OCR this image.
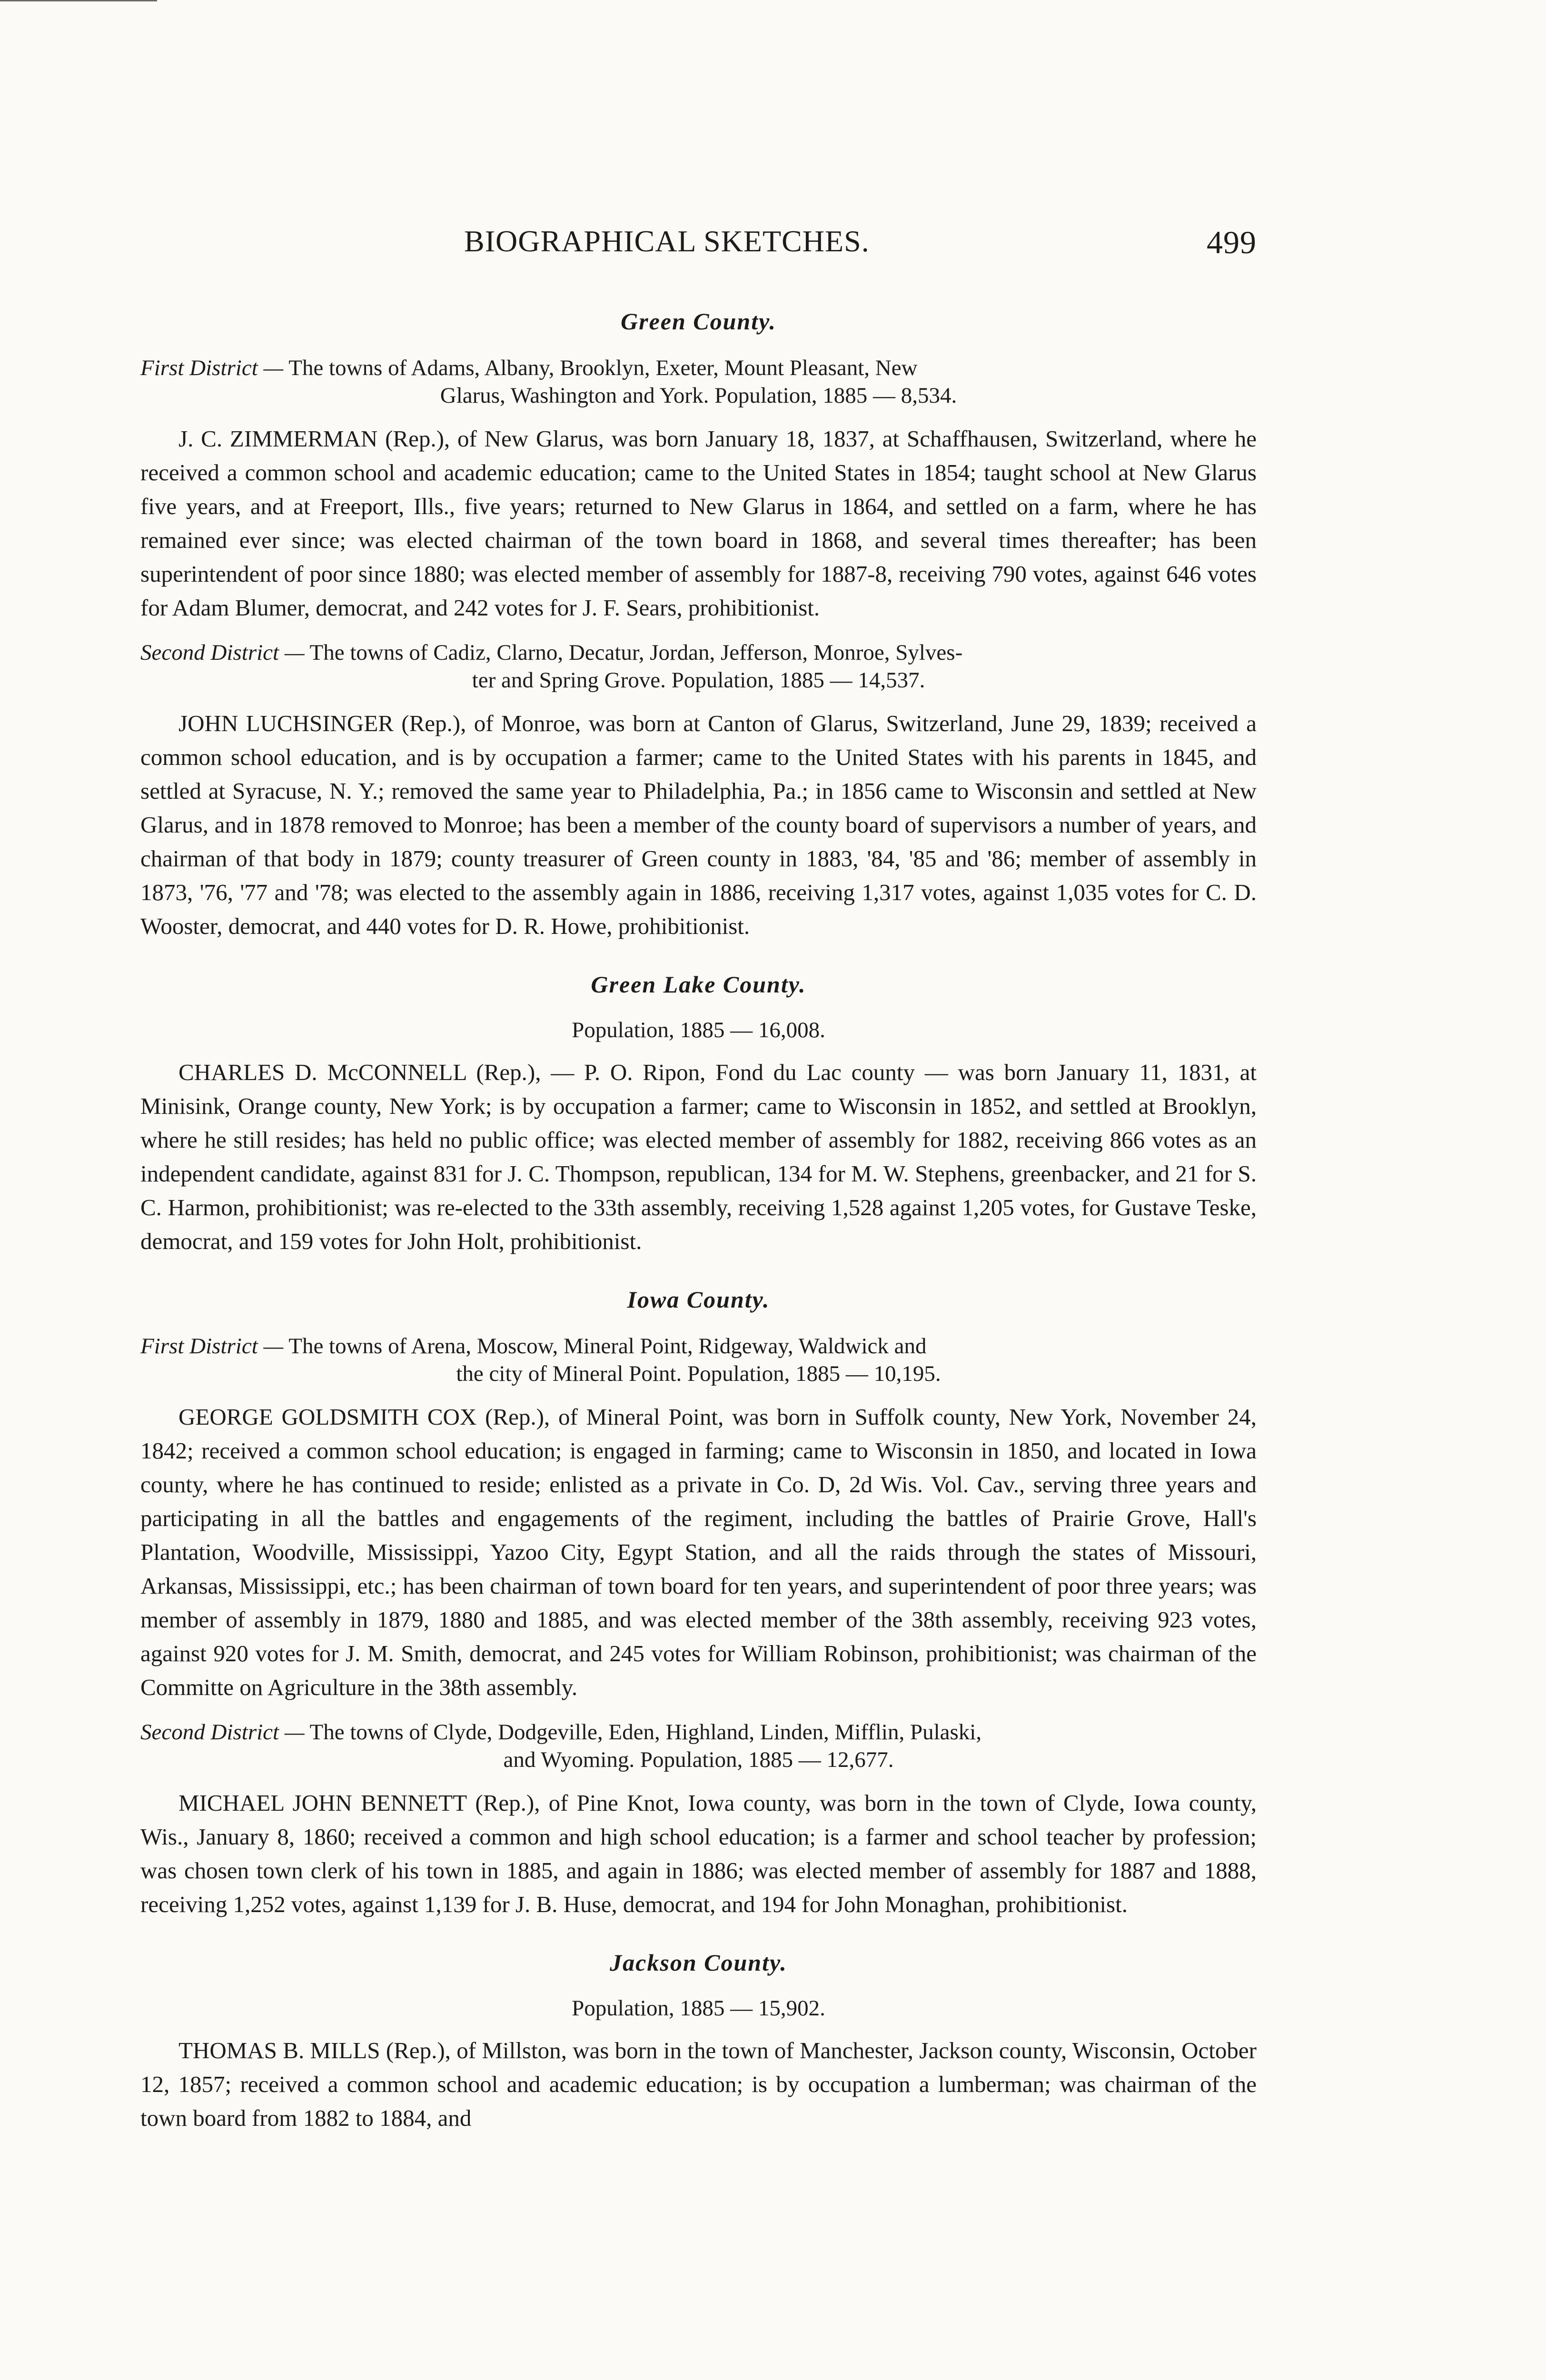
BIOGRAPHICAL SKETCHES.	499
Green County.
First District — The towns of Adams, Albany, Brooklyn, Exeter, Mount Pleasant, New
Glarus, Washington and York. Population, 1885 — 8,534.

J. C. ZIMMERMAN (Rep.), of New Glarus, was born January 18, 1837, at Schaffhausen, Switzerland, where he received a common school and academic education; came to the United States in 1854; taught school at New Glarus five years, and at Freeport, Ills., five years; returned to New Glarus in 1864, and settled on a farm, where he has remained ever since; was elected chairman of the town board in 1868, and several times thereafter; has been superintendent of poor since 1880; was elected member of assembly for 1887-8, receiving 790 votes, against 646 votes for Adam Blumer, democrat, and 242 votes for J. F. Sears, prohibitionist.

Second District — The towns of Cadiz, Clarno, Decatur, Jordan, Jefferson, Monroe, Sylves-
ter and Spring Grove. Population, 1885 — 14,537.

JOHN LUCHSINGER (Rep.), of Monroe, was born at Canton of Glarus, Switzerland, June 29, 1839; received a common school education, and is by occupation a farmer; came to the United States with his parents in 1845, and settled at Syracuse, N. Y.; removed the same year to Philadelphia, Pa.; in 1856 came to Wisconsin and settled at New Glarus, and in 1878 removed to Monroe; has been a member of the county board of supervisors a number of years, and chairman of that body in 1879; county treasurer of Green county in 1883, '84, '85 and '86; member of assembly in 1873, '76, '77 and '78; was elected to the assembly again in 1886, receiving 1,317 votes, against 1,035 votes for C. D. Wooster, democrat, and 440 votes for D. R. Howe, prohibitionist.

Green Lake County.
Population, 1885 — 16,008.

CHARLES D. McCONNELL (Rep.), — P. O. Ripon, Fond du Lac county — was born January 11, 1831, at Minisink, Orange county, New York; is by occupation a farmer; came to Wisconsin in 1852, and settled at Brooklyn, where he still resides; has held no public office; was elected member of assembly for 1882, receiving 866 votes as an independent candidate, against 831 for J. C. Thompson, republican, 134 for M. W. Stephens, greenbacker, and 21 for S. C. Harmon, prohibitionist; was re-elected to the 33th assembly, receiving 1,528 against 1,205 votes, for Gustave Teske, democrat, and 159 votes for John Holt, prohibitionist.

Iowa County.
First District — The towns of Arena, Moscow, Mineral Point, Ridgeway, Waldwick and
the city of Mineral Point. Population, 1885 — 10,195.

GEORGE GOLDSMITH COX (Rep.), of Mineral Point, was born in Suffolk county, New York, November 24, 1842; received a common school education; is engaged in farming; came to Wisconsin in 1850, and located in Iowa county, where he has continued to reside; enlisted as a private in Co. D, 2d Wis. Vol. Cav., serving three years and participating in all the battles and engagements of the regiment, including the battles of Prairie Grove, Hall's Plantation, Woodville, Mississippi, Yazoo City, Egypt Station, and all the raids through the states of Missouri, Arkansas, Mississippi, etc.; has been chairman of town board for ten years, and superintendent of poor three years; was member of assembly in 1879, 1880 and 1885, and was elected member of the 38th assembly, receiving 923 votes, against 920 votes for J. M. Smith, democrat, and 245 votes for William Robinson, prohibitionist; was chairman of the Committe on Agriculture in the 38th assembly.

Second District — The towns of Clyde, Dodgeville, Eden, Highland, Linden, Mifflin, Pulaski,
and Wyoming. Population, 1885 — 12,677.

MICHAEL JOHN BENNETT (Rep.), of Pine Knot, Iowa county, was born in the town of Clyde, Iowa county, Wis., January 8, 1860; received a common and high school education; is a farmer and school teacher by profession; was chosen town clerk of his town in 1885, and again in 1886; was elected member of assembly for 1887 and 1888, receiving 1,252 votes, against 1,139 for J. B. Huse, democrat, and 194 for John Monaghan, prohibitionist.

Jackson County.
Population, 1885 — 15,902.

THOMAS B. MILLS (Rep.), of Millston, was born in the town of Manchester, Jackson county, Wisconsin, October 12, 1857; received a common school and academic education; is by occupation a lumberman; was chairman of the town board from 1882 to 1884, and
